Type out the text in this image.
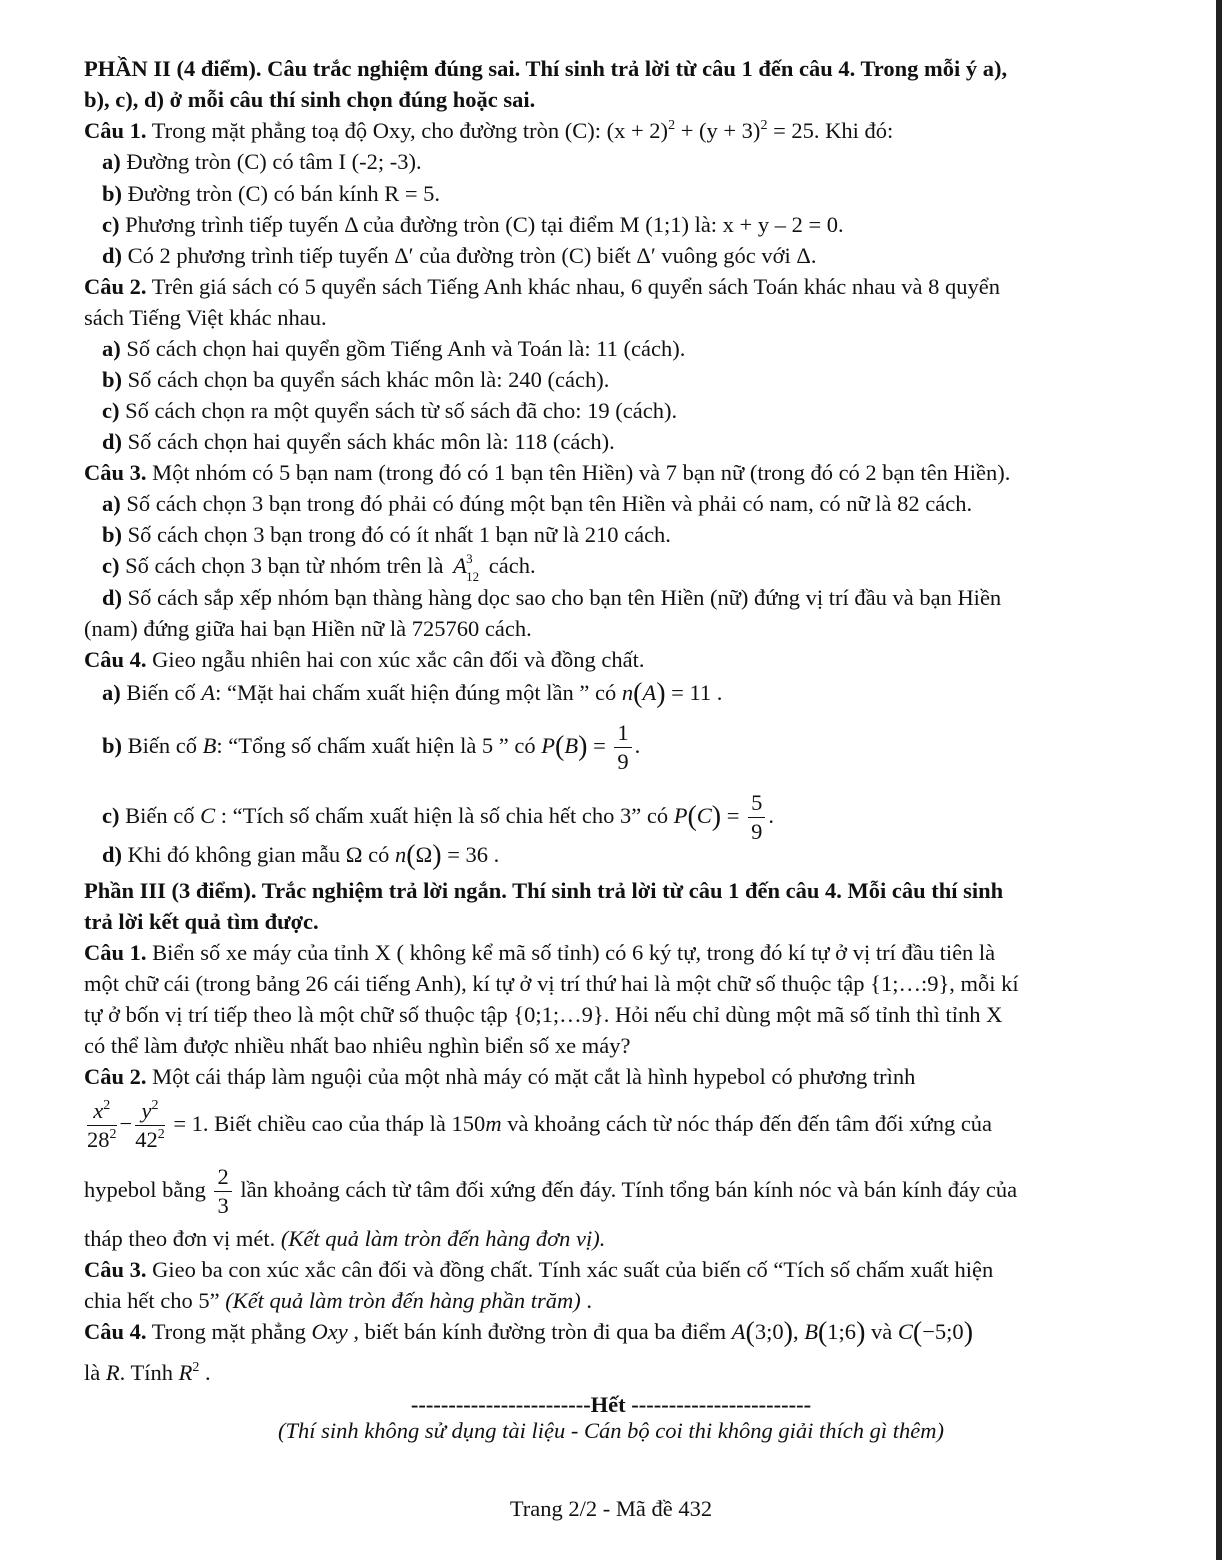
PHẦN II (4 điểm). Câu trắc nghiệm đúng sai. Thí sinh trả lời từ câu 1 đến câu 4. Trong mỗi ý a),
b), c), d) ở mỗi câu thí sinh chọn đúng hoặc sai.
Câu 1. Trong mặt phẳng toạ độ Oxy, cho đường tròn (C): $(x + 2)^2 + (y + 3)^2 = 25$. Khi đó:
a) Đường tròn (C) có tâm I (-2; -3).
b) Đường tròn (C) có bán kính R = 5.
c) Phương trình tiếp tuyến Δ của đường tròn (C) tại điểm M (1;1) là: x + y – 2 = 0.
d) Có 2 phương trình tiếp tuyến Δ′ của đường tròn (C) biết Δ′ vuông góc với Δ.
Câu 2. Trên giá sách có 5 quyển sách Tiếng Anh khác nhau, 6 quyển sách Toán khác nhau và 8 quyển
sách Tiếng Việt khác nhau.
a) Số cách chọn hai quyển gồm Tiếng Anh và Toán là: 11 (cách).
b) Số cách chọn ba quyển sách khác môn là: 240 (cách).
c) Số cách chọn ra một quyển sách từ số sách đã cho: 19 (cách).
d) Số cách chọn hai quyển sách khác môn là: 118 (cách).
Câu 3. Một nhóm có 5 bạn nam (trong đó có 1 bạn tên Hiền) và 7 bạn nữ (trong đó có 2 bạn tên Hiền).
a) Số cách chọn 3 bạn trong đó phải có đúng một bạn tên Hiền và phải có nam, có nữ là 82 cách.
b) Số cách chọn 3 bạn trong đó có ít nhất 1 bạn nữ là 210 cách.
c) Số cách chọn 3 bạn từ nhóm trên là A 3
12 cách.
d) Số cách sắp xếp nhóm bạn thàng hàng dọc sao cho bạn tên Hiền (nữ) đứng vị trí đầu và bạn Hiền
(nam) đứng giữa hai bạn Hiền nữ là 725760 cách.
Câu 4. Gieo ngẫu nhiên hai con xúc xắc cân đối và đồng chất.
a) Biến cố A: “Mặt hai chấm xuất hiện đúng một lần ” có n(A) = 11 .
b) Biến cố B: “Tổng số chấm xuất hiện là 5 ” có $P(B) = \frac{1}{9}$ .
c) Biến cố C : “Tích số chấm xuất hiện là số chia hết cho 3” có $P(C) = \frac{5}{9}$ .
d) Khi đó không gian mẫu Ω có n(Ω) = 36 .
Phần III (3 điểm). Trắc nghiệm trả lời ngắn. Thí sinh trả lời từ câu 1 đến câu 4. Mỗi câu thí sinh
trả lời kết quả tìm được.
Câu 1. Biển số xe máy của tỉnh X ( không kể mã số tỉnh) có 6 ký tự, trong đó kí tự ở vị trí đầu tiên là
một chữ cái (trong bảng 26 cái tiếng Anh), kí tự ở vị trí thứ hai là một chữ số thuộc tập {1;…:9}, mỗi kí
tự ở bốn vị trí tiếp theo là một chữ số thuộc tập {0;1;…9}. Hỏi nếu chỉ dùng một mã số tỉnh thì tỉnh X
có thể làm được nhiều nhất bao nhiêu nghìn biển số xe máy?
Câu 2. Một cái tháp làm nguội của một nhà máy có mặt cắt là hình hypebol có phương trình
$\frac{x^2}{28^2} - \frac{y^2}{42^2} = 1$. Biết chiều cao của tháp là 150m và khoảng cách từ nóc tháp đến đến tâm đối xứng của
hypebol bằng $\frac{2}{3}$ lần khoảng cách từ tâm đối xứng đến đáy. Tính tổng bán kính nóc và bán kính đáy của
tháp theo đơn vị mét. (Kết quả làm tròn đến hàng đơn vị).
Câu 3. Gieo ba con xúc xắc cân đối và đồng chất. Tính xác suất của biến cố “Tích số chấm xuất hiện
chia hết cho 5” (Kết quả làm tròn đến hàng phần trăm) .
Câu 4. Trong mặt phẳng Oxy , biết bán kính đường tròn đi qua ba điểm A(3;0), B(1;6) và C(−5;0)
là R. Tính $R^2$ .
------------------------Hết ------------------------
(Thí sinh không sử dụng tài liệu - Cán bộ coi thi không giải thích gì thêm)
Trang 2/2 - Mã đề 432
